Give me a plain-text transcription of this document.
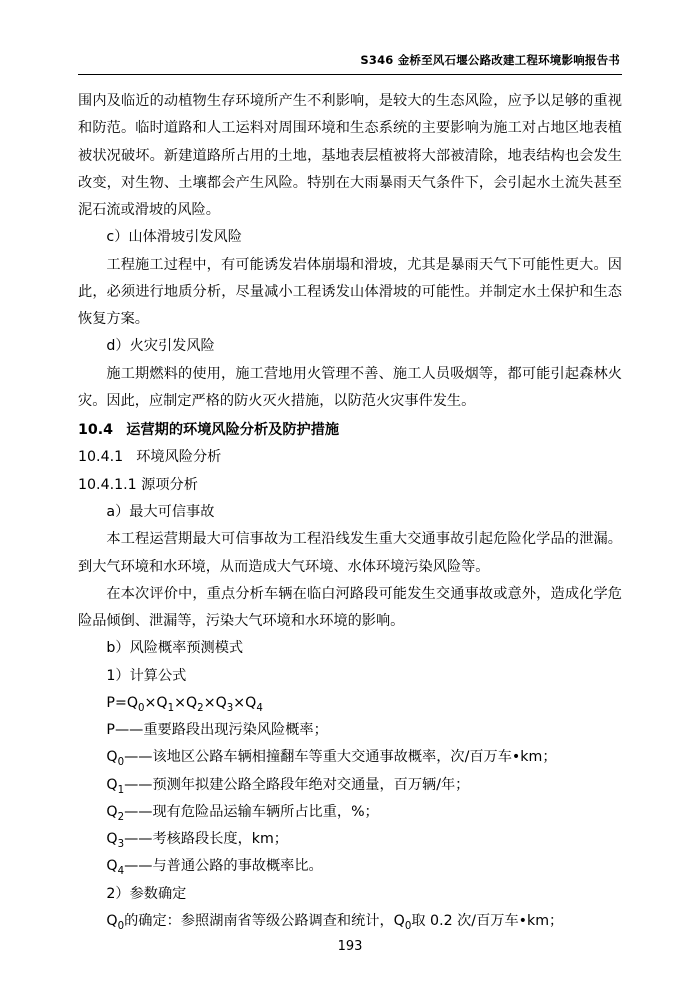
S346 金桥至风石堰公路改建工程环境影响报告书

围内及临近的动植物生存环境所产生不利影响，是较大的生态风险，应予以足够的重视和防范。临时道路和人工运料对周围环境和生态系统的主要影响为施工对占地区地表植被状况破坏。新建道路所占用的土地，基地表层植被将大部被清除，地表结构也会发生改变，对生物、土壤都会产生风险。特别在大雨暴雨天气条件下，会引起水土流失甚至泥石流或滑坡的风险。

c）山体滑坡引发风险

工程施工过程中，有可能诱发岩体崩塌和滑坡，尤其是暴雨天气下可能性更大。因此，必须进行地质分析，尽量减小工程诱发山体滑坡的可能性。并制定水土保护和生态恢复方案。

d）火灾引发风险

施工期燃料的使用，施工营地用火管理不善、施工人员吸烟等，都可能引起森林火灾。因此，应制定严格的防火灭火措施，以防范火灾事件发生。

10.4 运营期的环境风险分析及防护措施

10.4.1 环境风险分析

10.4.1.1 源项分析

a）最大可信事故

本工程运营期最大可信事故为工程沿线发生重大交通事故引起危险化学品的泄漏。到大气环境和水环境，从而造成大气环境、水体环境污染风险等。

在本次评价中，重点分析车辆在临白河路段可能发生交通事故或意外，造成化学危险品倾倒、泄漏等，污染大气环境和水环境的影响。

b）风险概率预测模式

1）计算公式

$P=Q_0\times Q_1\times Q_2\times Q_3\times Q_4$

P——重要路段出现污染风险概率；

$Q_0——$该地区公路车辆相撞翻车等重大交通事故概率，次/百万车•km；

$Q_1——$预测年拟建公路全路段年绝对交通量，百万辆/年；

$Q_2——$现有危险品运输车辆所占比重，%；

$Q_3——$考核路段长度，km；

$Q_4——$与普通公路的事故概率比。

2）参数确定

$Q_0$的确定：参照湖南省等级公路调查和统计，$Q_0$取 0.2 次/百万车•km；

193
